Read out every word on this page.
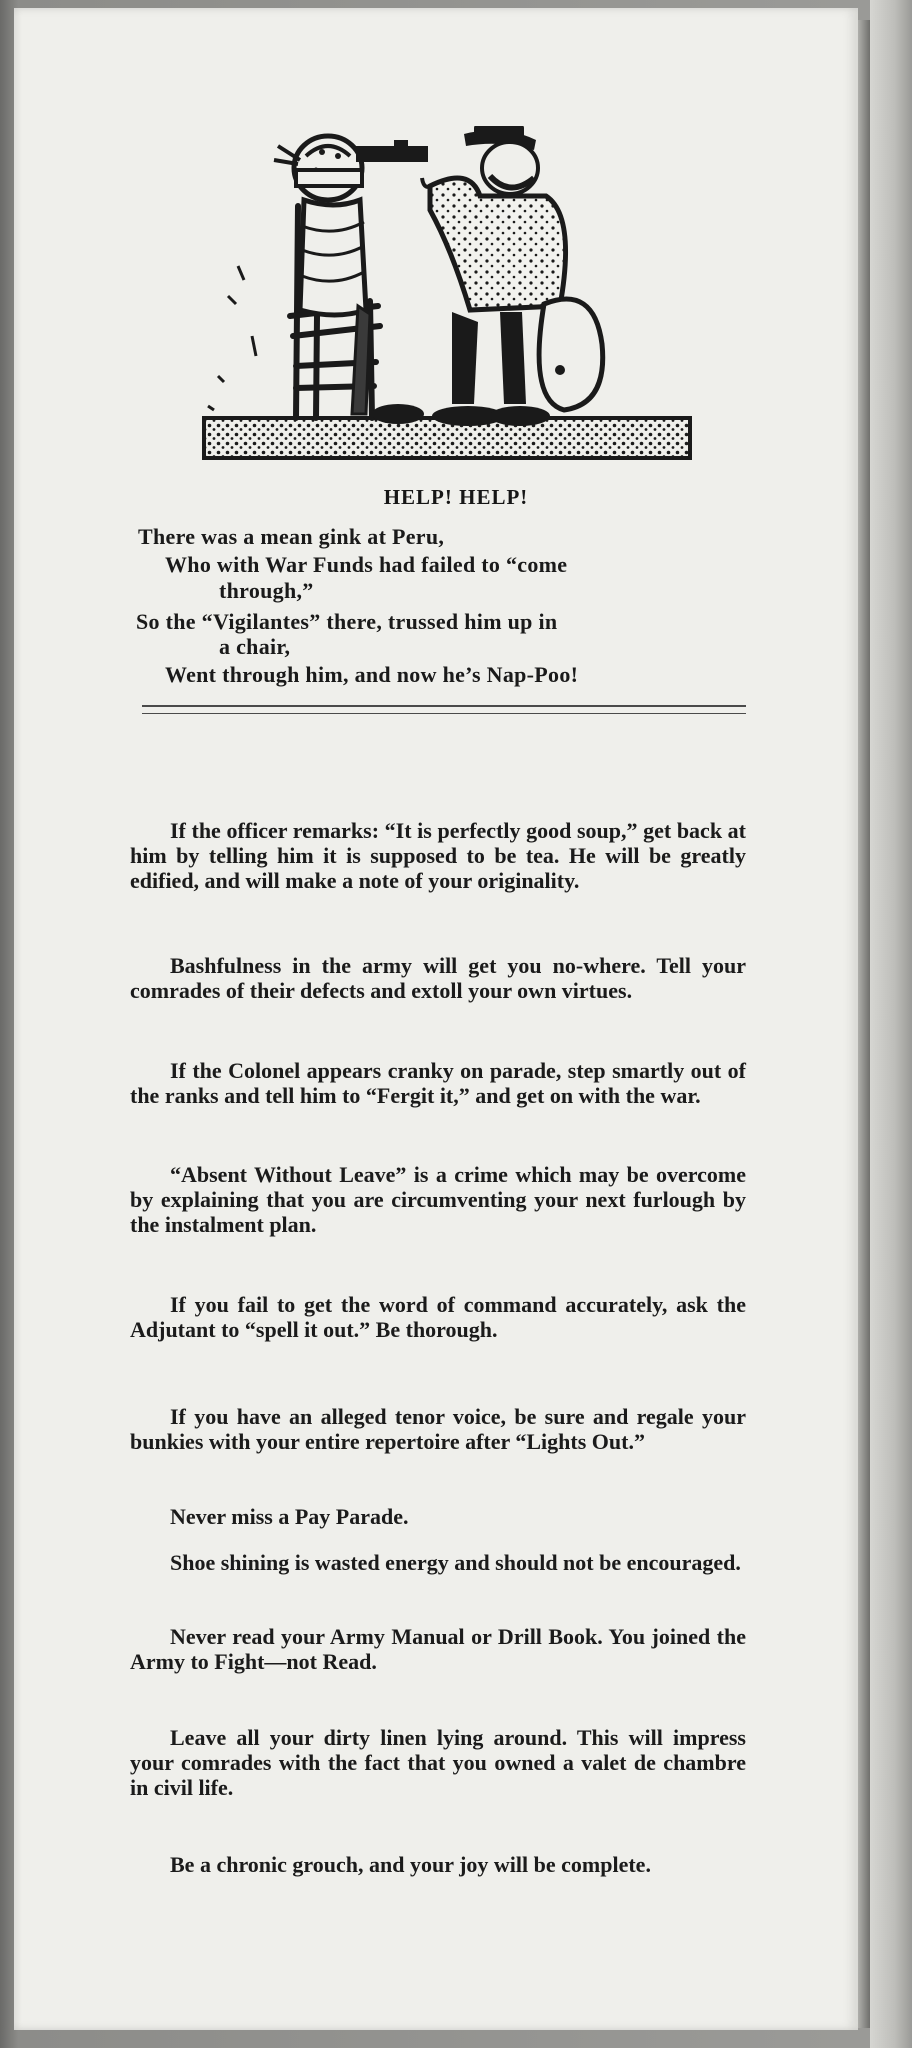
HELP! HELP!
There was a mean gink at Peru,
Who with War Funds had failed to “come
through,”
So the “Vigilantes” there, trussed him up in
a chair,
Went through him, and now he’s Nap-Poo!

If the officer remarks: “It is perfectly good soup,” get back at him by telling him it is supposed to be tea. He will be greatly edified, and will make a note of your originality.

Bashfulness in the army will get you no-where. Tell your comrades of their defects and extoll your own virtues.

If the Colonel appears cranky on parade, step smartly out of the ranks and tell him to “Fergit it,” and get on with the war.

“Absent Without Leave” is a crime which may be overcome by explaining that you are circumventing your next furlough by the instalment plan.

If you fail to get the word of command accurately, ask the Adjutant to “spell it out.” Be thorough.

If you have an alleged tenor voice, be sure and regale your bunkies with your entire repertoire after “Lights Out.”

Never miss a Pay Parade.

Shoe shining is wasted energy and should not be encouraged.

Never read your Army Manual or Drill Book. You joined the Army to Fight—not Read.

Leave all your dirty linen lying around. This will impress your comrades with the fact that you owned a valet de chambre in civil life.

Be a chronic grouch, and your joy will be complete.
